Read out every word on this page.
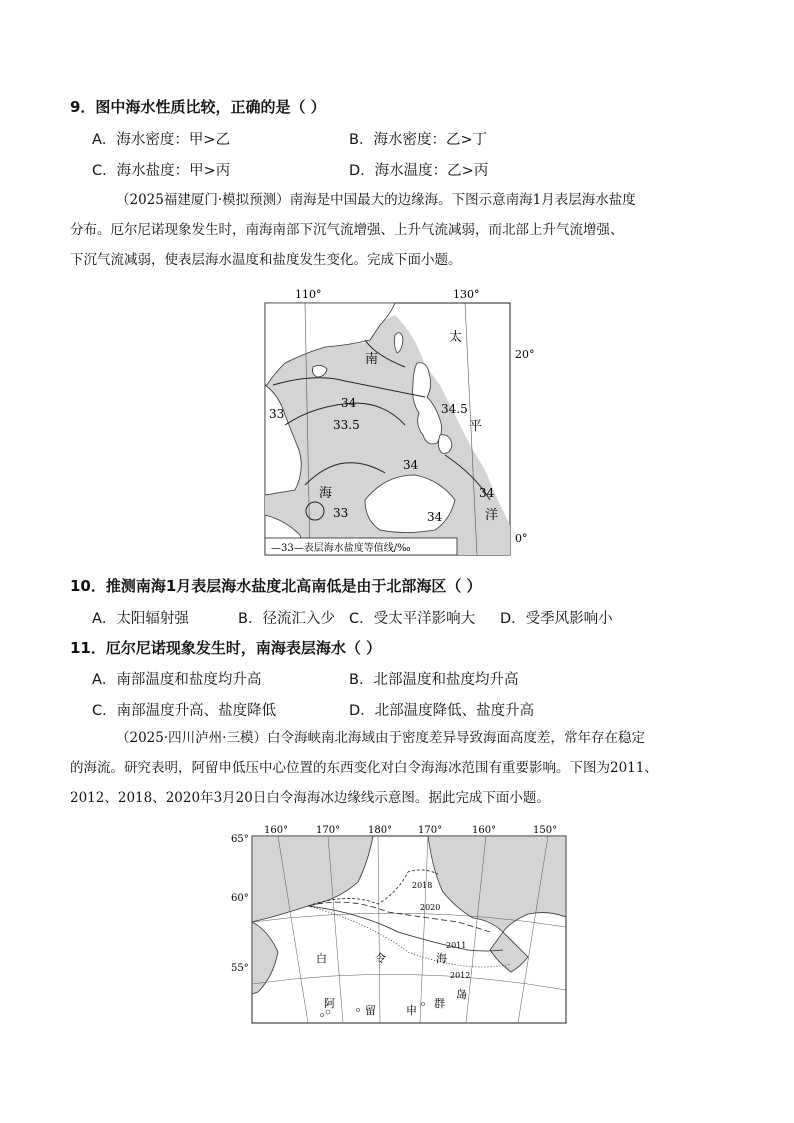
9．图中海水性质比较，正确的是（ ）
A．海水密度：甲>乙	B．海水密度：乙>丁
C．海水盐度：甲>丙	D．海水温度：乙>丙
（2025福建厦门·模拟预测）南海是中国最大的边缘海。下图示意南海1月表层海水盐度
分布。厄尔尼诺现象发生时，南海南部下沉气流增强、上升气流减弱，而北部上升气流增强、
下沉气流减弱，使表层海水温度和盐度发生变化。完成下面小题。
110°	130°
20°
0°
33
34
33.5
34.5
34
33
34
34
太
平
洋
南
海
—33—表层海水盐度等值线/‰
10．推测南海1月表层海水盐度北高南低是由于北部海区（ ）
A．太阳辐射强	B．径流汇入少 C．受太平洋影响大 D．受季风影响小
11．厄尔尼诺现象发生时，南海表层海水（ ）
A．南部温度和盐度均升高	B．北部温度和盐度均升高
C．南部温度升高、盐度降低	D．北部温度降低、盐度升高
（2025·四川泸州·三模）白令海峡南北海域由于密度差异导致海面高度差，常年存在稳定
的海流。研究表明，阿留申低压中心位置的东西变化对白令海海冰范围有重要影响。下图为2011、
2012、2018、2020年3月20日白令海海冰边缘线示意图。据此完成下面小题。
160°	170°	180°	170°	160°	150°
65°
60°
55°
2018
2020
2011
2012
白	令	海
阿
留	申
群
岛
